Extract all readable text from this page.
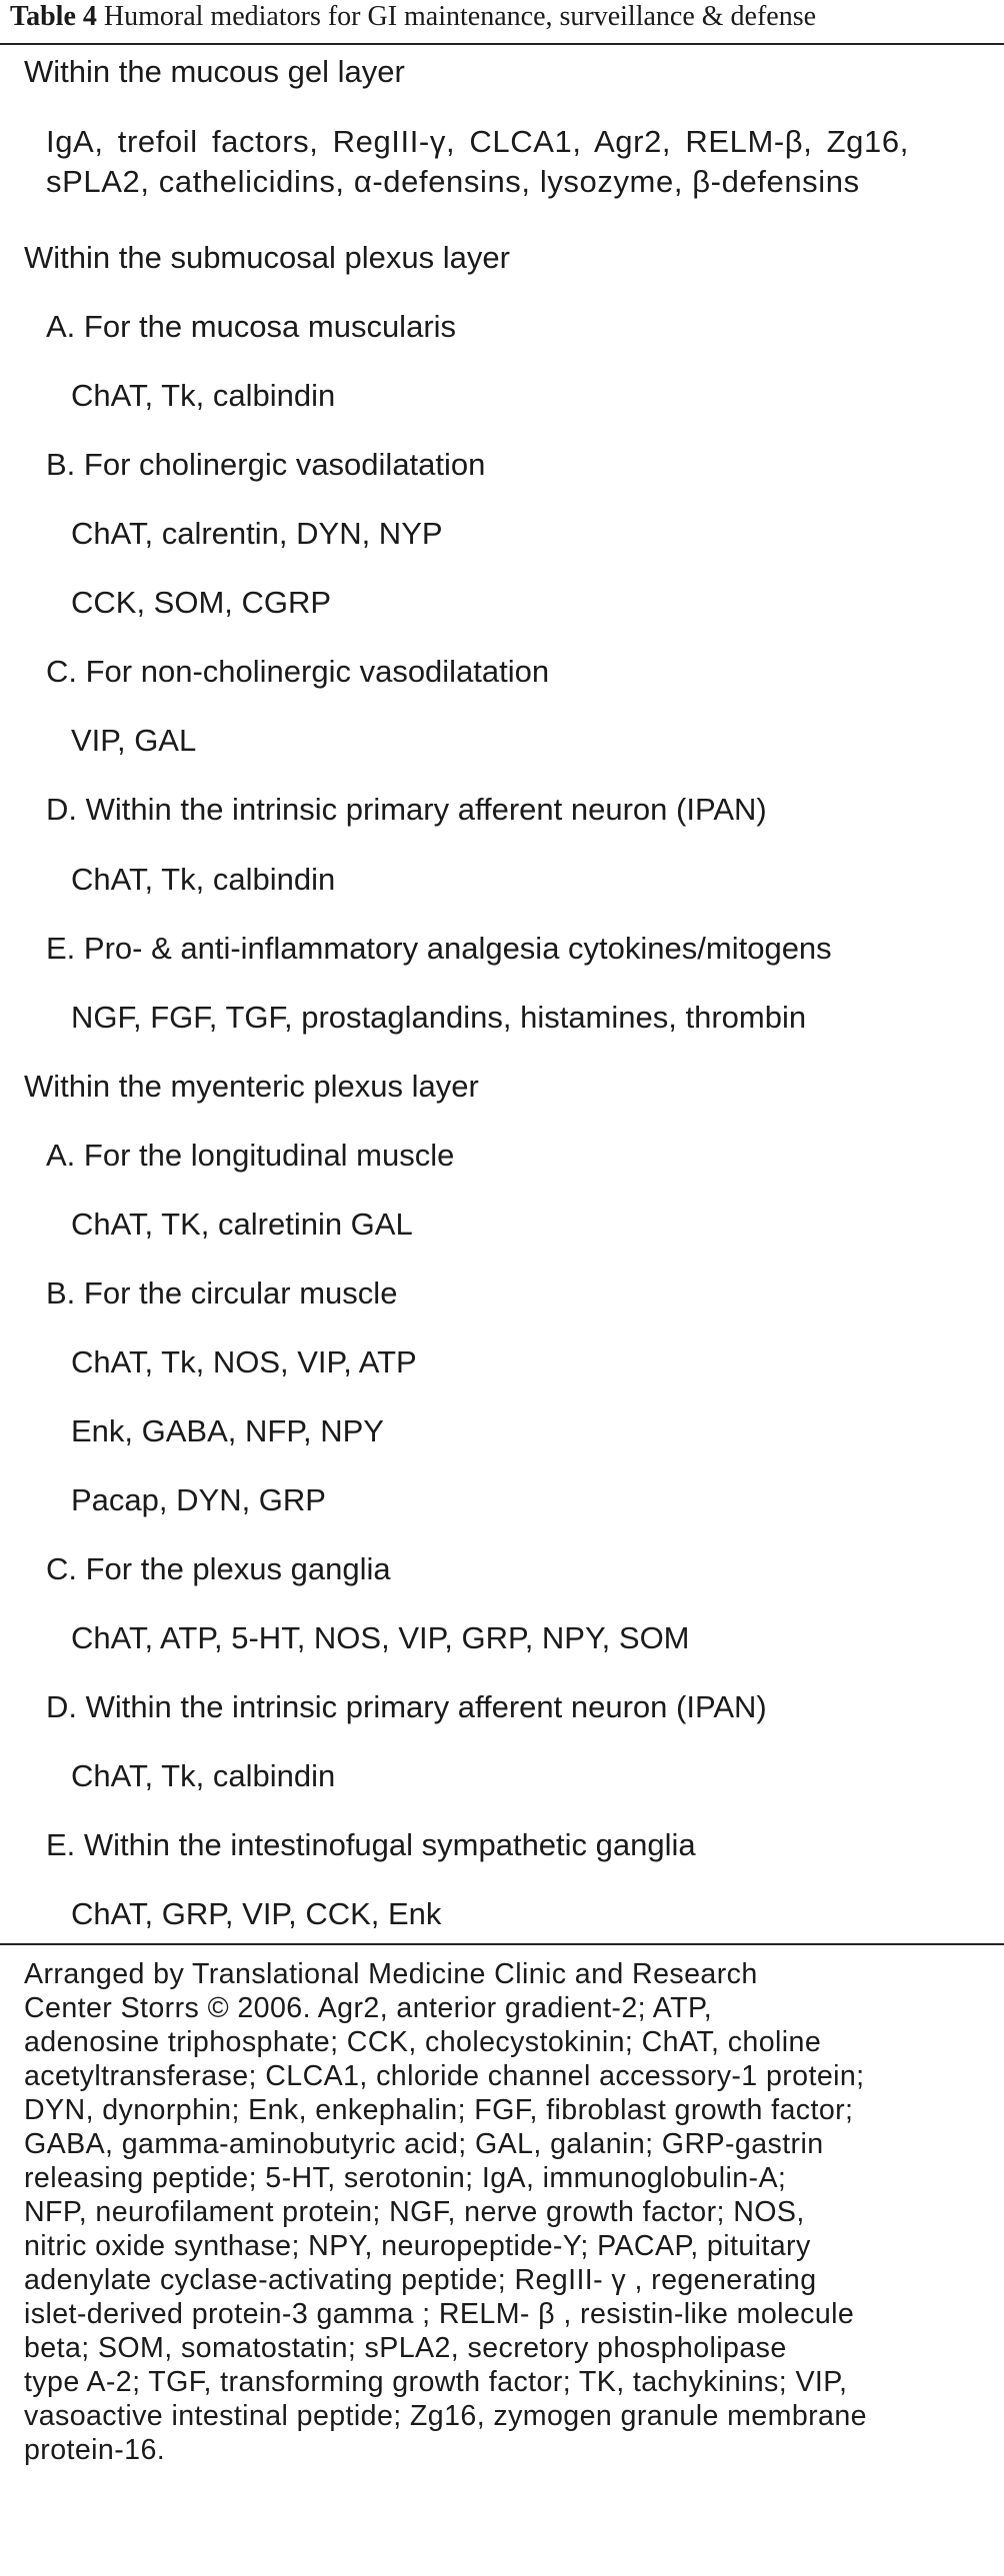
Table 4 Humoral mediators for GI maintenance, surveillance & defense
Within the mucous gel layer
IgA, trefoil factors, RegIII-γ, CLCA1, Agr2, RELM-β, Zg16,
sPLA2, cathelicidins, α-defensins, lysozyme, β-defensins
Within the submucosal plexus layer
A. For the mucosa muscularis
ChAT, Tk, calbindin
B. For cholinergic vasodilatation
ChAT, calrentin, DYN, NYP
CCK, SOM, CGRP
C. For non-cholinergic vasodilatation
VIP, GAL
D. Within the intrinsic primary afferent neuron (IPAN)
ChAT, Tk, calbindin
E. Pro- & anti-inflammatory analgesia cytokines/mitogens
NGF, FGF, TGF, prostaglandins, histamines, thrombin
Within the myenteric plexus layer
A. For the longitudinal muscle
ChAT, TK, calretinin GAL
B. For the circular muscle
ChAT, Tk, NOS, VIP, ATP
Enk, GABA, NFP, NPY
Pacap, DYN, GRP
C. For the plexus ganglia
ChAT, ATP, 5-HT, NOS, VIP, GRP, NPY, SOM
D. Within the intrinsic primary afferent neuron (IPAN)
ChAT, Tk, calbindin
E. Within the intestinofugal sympathetic ganglia
ChAT, GRP, VIP, CCK, Enk
Arranged by Translational Medicine Clinic and Research
Center Storrs © 2006. Agr2, anterior gradient-2; ATP,
adenosine triphosphate; CCK, cholecystokinin; ChAT, choline
acetyltransferase; CLCA1, chloride channel accessory-1 protein;
DYN, dynorphin; Enk, enkephalin; FGF, fibroblast growth factor;
GABA, gamma-aminobutyric acid; GAL, galanin; GRP-gastrin
releasing peptide; 5-HT, serotonin; IgA, immunoglobulin-A;
NFP, neurofilament protein; NGF, nerve growth factor; NOS,
nitric oxide synthase; NPY, neuropeptide-Y; PACAP, pituitary
adenylate cyclase-activating peptide; RegIII- γ , regenerating
islet-derived protein-3 gamma ; RELM- β , resistin-like molecule
beta; SOM, somatostatin; sPLA2, secretory phospholipase
type A-2; TGF, transforming growth factor; TK, tachykinins; VIP,
vasoactive intestinal peptide; Zg16, zymogen granule membrane
protein-16.
